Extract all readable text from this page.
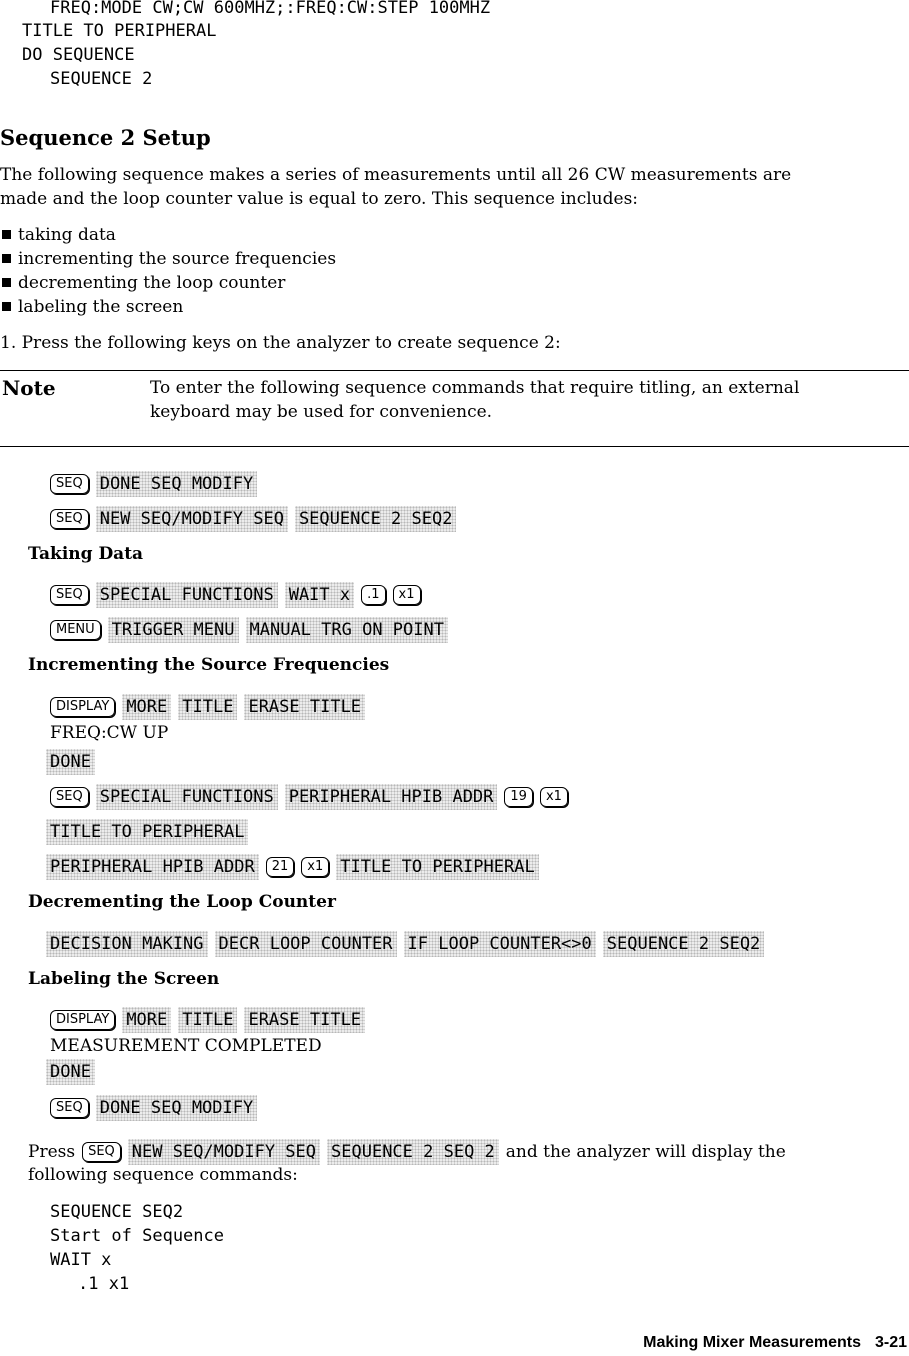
FREQ:MODE CW;CW 600MHZ;:FREQ:CW:STEP 100MHZ
TITLE TO PERIPHERAL
DO SEQUENCE
SEQUENCE 2
Sequence 2 Setup
The following sequence makes a series of measurements until all 26 CW measurements are
made and the loop counter value is equal to zero. This sequence includes:
taking data
incrementing the source frequencies
decrementing the loop counter
labeling the screen
1. Press the following keys on the analyzer to create sequence 2:
Note	To enter the following sequence commands that require titling, an external
keyboard may be used for convenience.
SEQ	DONE SEQ MODIFY
SEQ	NEW SEQ/MODIFY SEQ SEQUENCE 2 SEQ2
Taking Data
SEQ	SPECIAL FUNCTIONS WAIT x	.1	x1
MENU	TRIGGER MENU MANUAL TRG ON POINT
Incrementing the Source Frequencies
DISPLAY	MORE TITLE ERASE TITLE
FREQ:CW UP
DONE
SEQ	SPECIAL FUNCTIONS PERIPHERAL HPIB ADDR	19	x1
TITLE TO PERIPHERAL
PERIPHERAL HPIB ADDR	21	x1	TITLE TO PERIPHERAL
Decrementing the Loop Counter
DECISION MAKING DECR LOOP COUNTER IF LOOP COUNTER<>0 SEQUENCE 2 SEQ2
Labeling the Screen
DISPLAY	MORE TITLE ERASE TITLE
MEASUREMENT COMPLETED
DONE
SEQ	DONE SEQ MODIFY
Press	SEQ	NEW SEQ/MODIFY SEQ SEQUENCE 2 SEQ 2 and the analyzer will display the
following sequence commands:
SEQUENCE SEQ2
Start of Sequence
WAIT x
.1 x1
Making Mixer Measurements 3-21
